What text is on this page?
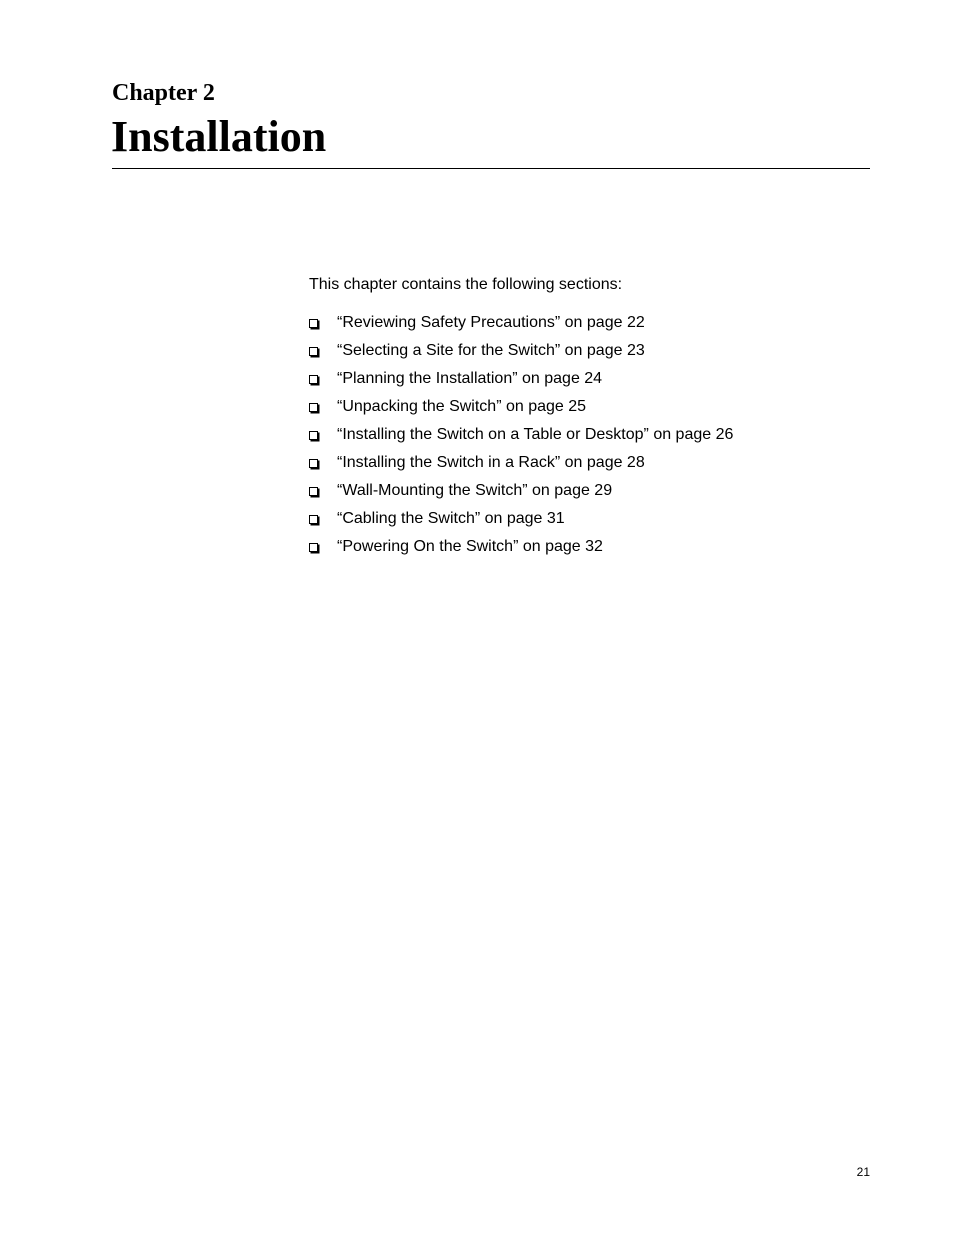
Chapter 2
Installation

This chapter contains the following sections:

“Reviewing Safety Precautions” on page 22
“Selecting a Site for the Switch” on page 23
“Planning the Installation” on page 24
“Unpacking the Switch” on page 25
“Installing the Switch on a Table or Desktop” on page 26
“Installing the Switch in a Rack” on page 28
“Wall-Mounting the Switch” on page 29
“Cabling the Switch” on page 31
“Powering On the Switch” on page 32

21
